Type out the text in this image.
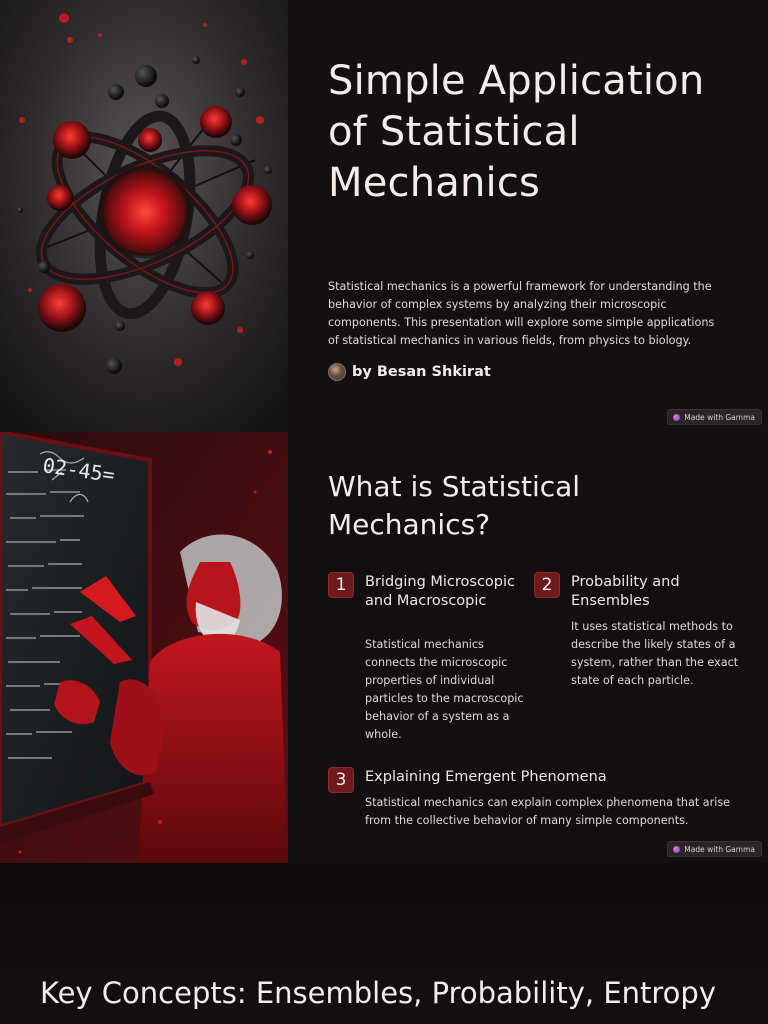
Simple Application of Statistical Mechanics

Statistical mechanics is a powerful framework for understanding the behavior of complex systems by analyzing their microscopic components. This presentation will explore some simple applications of statistical mechanics in various fields, from physics to biology.

by Besan Shkirat
Made with Gamma
02-45=	What is Statistical Mechanics?
1	Bridging Microscopic and Macroscopic
Statistical mechanics connects the microscopic properties of individual particles to the macroscopic behavior of a system as a whole.
2	Probability and Ensembles
It uses statistical methods to describe the likely states of a system, rather than the exact state of each particle.
3	Explaining Emergent Phenomena
Statistical mechanics can explain complex phenomena that arise from the collective behavior of many simple components.
Made with Gamma
Key Concepts: Ensembles, Probability, Entropy
